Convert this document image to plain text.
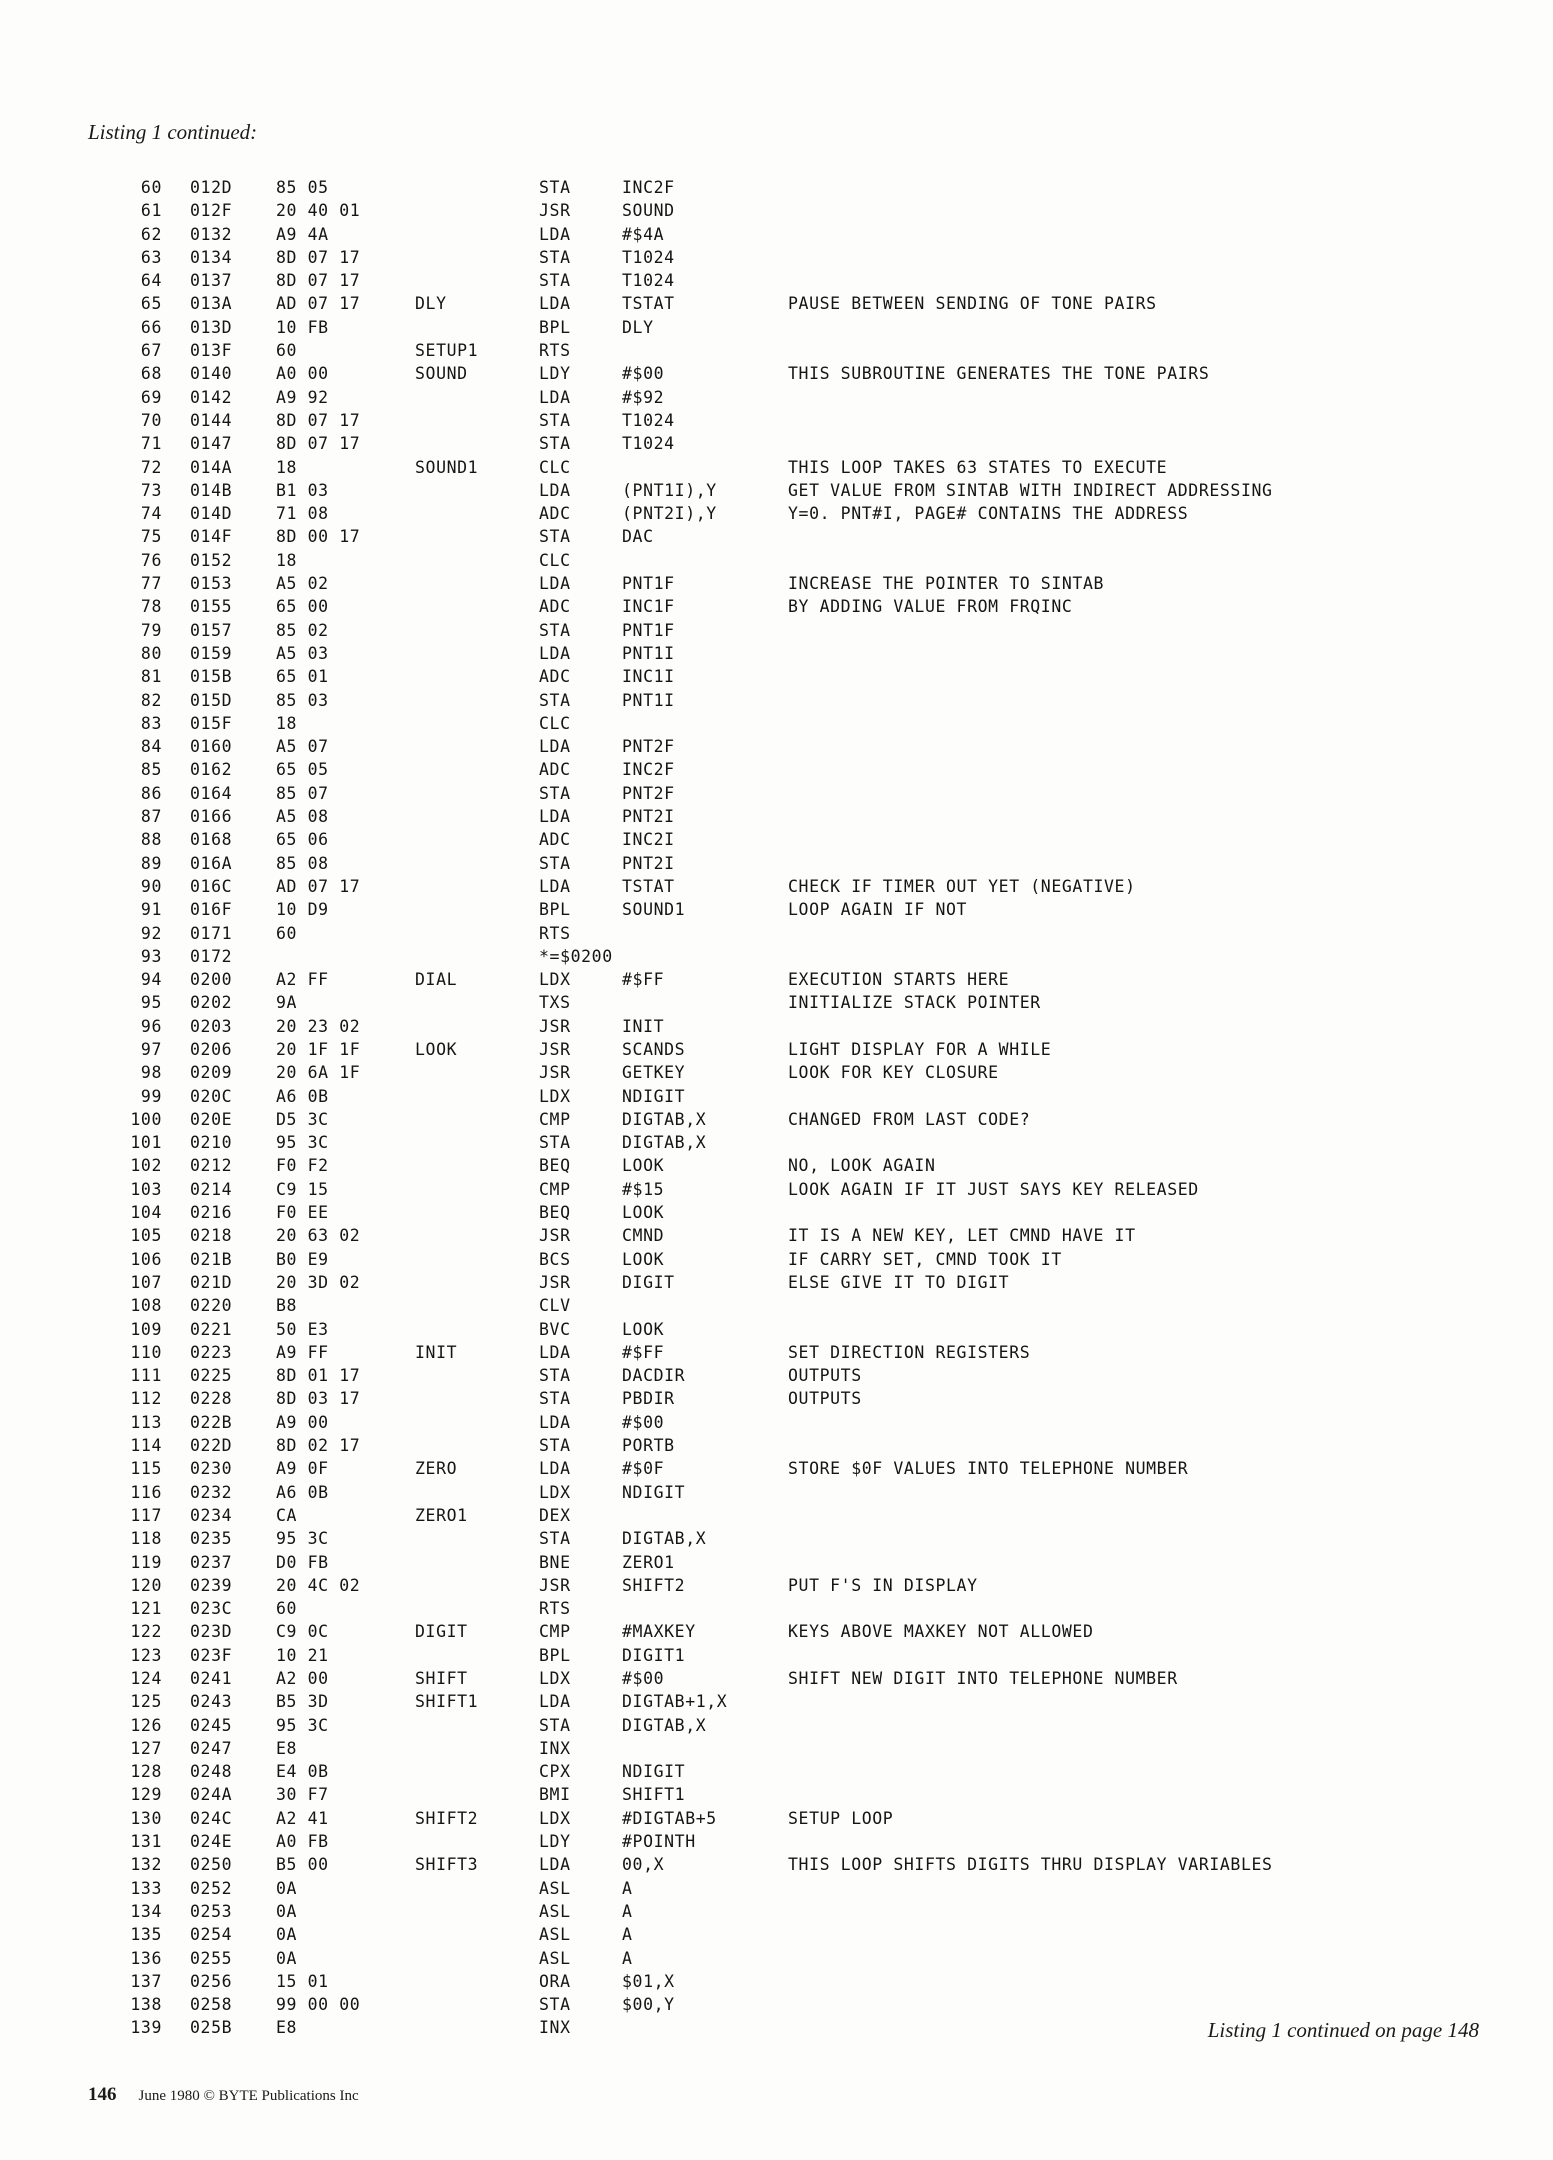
Listing 1 continued:
60 012D	85 05	STA	INC2F
61 012F	20 40 01	JSR	SOUND
62 0132	A9 4A	LDA	#$4A
63 0134	8D 07 17	STA	T1024
64 0137	8D 07 17	STA	T1024
65 013A	AD 07 17	DLY	LDA	TSTAT	PAUSE BETWEEN SENDING OF TONE PAIRS
66 013D	10 FB	BPL	DLY
67 013F	60	SETUP1	RTS
68 0140	A0 00	SOUND	LDY	#$00	THIS SUBROUTINE GENERATES THE TONE PAIRS
69 0142	A9 92	LDA	#$92
70 0144	8D 07 17	STA	T1024
71 0147	8D 07 17	STA	T1024
72 014A	18	SOUND1	CLC	THIS LOOP TAKES 63 STATES TO EXECUTE
73 014B	B1 03	LDA	(PNT1I),Y	GET VALUE FROM SINTAB WITH INDIRECT ADDRESSING
74 014D	71 08	ADC	(PNT2I),Y	Y=0. PNT#I, PAGE# CONTAINS THE ADDRESS
75 014F	8D 00 17	STA	DAC
76 0152	18	CLC
77 0153	A5 02	LDA	PNT1F	INCREASE THE POINTER TO SINTAB
78 0155	65 00	ADC	INC1F	BY ADDING VALUE FROM FRQINC
79 0157	85 02	STA	PNT1F
80 0159	A5 03	LDA	PNT1I
81 015B	65 01	ADC	INC1I
82 015D	85 03	STA	PNT1I
83 015F	18	CLC
84 0160	A5 07	LDA	PNT2F
85 0162	65 05	ADC	INC2F
86 0164	85 07	STA	PNT2F
87 0166	A5 08	LDA	PNT2I
88 0168	65 06	ADC	INC2I
89 016A	85 08	STA	PNT2I
90 016C	AD 07 17	LDA	TSTAT	CHECK IF TIMER OUT YET (NEGATIVE)
91 016F	10 D9	BPL	SOUND1	LOOP AGAIN IF NOT
92 0171	60	RTS
93 0172	*=$0200
94 0200	A2 FF	DIAL	LDX	#$FF	EXECUTION STARTS HERE
95 0202	9A	TXS	INITIALIZE STACK POINTER
96 0203	20 23 02	JSR	INIT
97 0206	20 1F 1F	LOOK	JSR	SCANDS	LIGHT DISPLAY FOR A WHILE
98 0209	20 6A 1F	JSR	GETKEY	LOOK FOR KEY CLOSURE
99 020C	A6 0B	LDX	NDIGIT
100 020E	D5 3C	CMP	DIGTAB,X	CHANGED FROM LAST CODE?
101 0210	95 3C	STA	DIGTAB,X
102 0212	F0 F2	BEQ	LOOK	NO, LOOK AGAIN
103 0214	C9 15	CMP	#$15	LOOK AGAIN IF IT JUST SAYS KEY RELEASED
104 0216	F0 EE	BEQ	LOOK
105 0218	20 63 02	JSR	CMND	IT IS A NEW KEY, LET CMND HAVE IT
106 021B	B0 E9	BCS	LOOK	IF CARRY SET, CMND TOOK IT
107 021D	20 3D 02	JSR	DIGIT	ELSE GIVE IT TO DIGIT
108 0220	B8	CLV
109 0221	50 E3	BVC	LOOK
110 0223	A9 FF	INIT	LDA	#$FF	SET DIRECTION REGISTERS
111 0225	8D 01 17	STA	DACDIR	OUTPUTS
112 0228	8D 03 17	STA	PBDIR	OUTPUTS
113 022B	A9 00	LDA	#$00
114 022D	8D 02 17	STA	PORTB
115 0230	A9 0F	ZERO	LDA	#$0F	STORE $0F VALUES INTO TELEPHONE NUMBER
116 0232	A6 0B	LDX	NDIGIT
117 0234	CA	ZERO1	DEX
118 0235	95 3C	STA	DIGTAB,X
119 0237	D0 FB	BNE	ZERO1
120 0239	20 4C 02	JSR	SHIFT2	PUT F'S IN DISPLAY
121 023C	60	RTS
122 023D	C9 0C	DIGIT	CMP	#MAXKEY	KEYS ABOVE MAXKEY NOT ALLOWED
123 023F	10 21	BPL	DIGIT1
124 0241	A2 00	SHIFT	LDX	#$00	SHIFT NEW DIGIT INTO TELEPHONE NUMBER
125 0243	B5 3D	SHIFT1	LDA	DIGTAB+1,X
126 0245	95 3C	STA	DIGTAB,X
127 0247	E8	INX
128 0248	E4 0B	CPX	NDIGIT
129 024A	30 F7	BMI	SHIFT1
130 024C	A2 41	SHIFT2	LDX	#DIGTAB+5	SETUP LOOP
131 024E	A0 FB	LDY	#POINTH
132 0250	B5 00	SHIFT3	LDA	00,X	THIS LOOP SHIFTS DIGITS THRU DISPLAY VARIABLES
133 0252	0A	ASL	A
134 0253	0A	ASL	A
135 0254	0A	ASL	A
136 0255	0A	ASL	A
137 0256	15 01	ORA	$01,X
138 0258	99 00 00	STA	$00,Y
139 025B	E8	INX	Listing 1 continued on page 148
146 June 1980 © BYTE Publications Inc
